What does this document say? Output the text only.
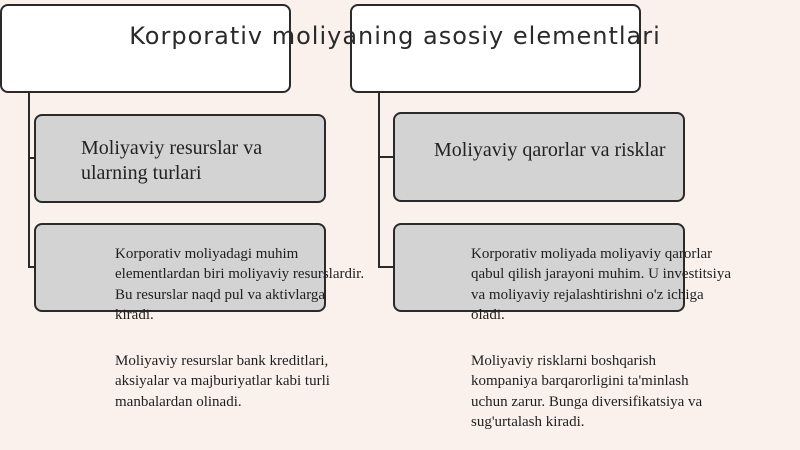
Korporativ moliyaning asosiy elementlari
Moliyaviy resurslar va ularning turlari
Korporativ moliyadagi muhim elementlardan biri moliyaviy resurslardir. Bu resurslar naqd pul va aktivlarga kiradi.
Moliyaviy resurslar bank kreditlari, aksiyalar va majburiyatlar kabi turli manbalardan olinadi.
Moliyaviy qarorlar va risklar
Korporativ moliyada moliyaviy qarorlar qabul qilish jarayoni muhim. U investitsiya va moliyaviy rejalashtirishni o'z ichiga oladi.
Moliyaviy risklarni boshqarish kompaniya barqarorligini ta'minlash uchun zarur. Bunga diversifikatsiya va sug'urtalash kiradi.
